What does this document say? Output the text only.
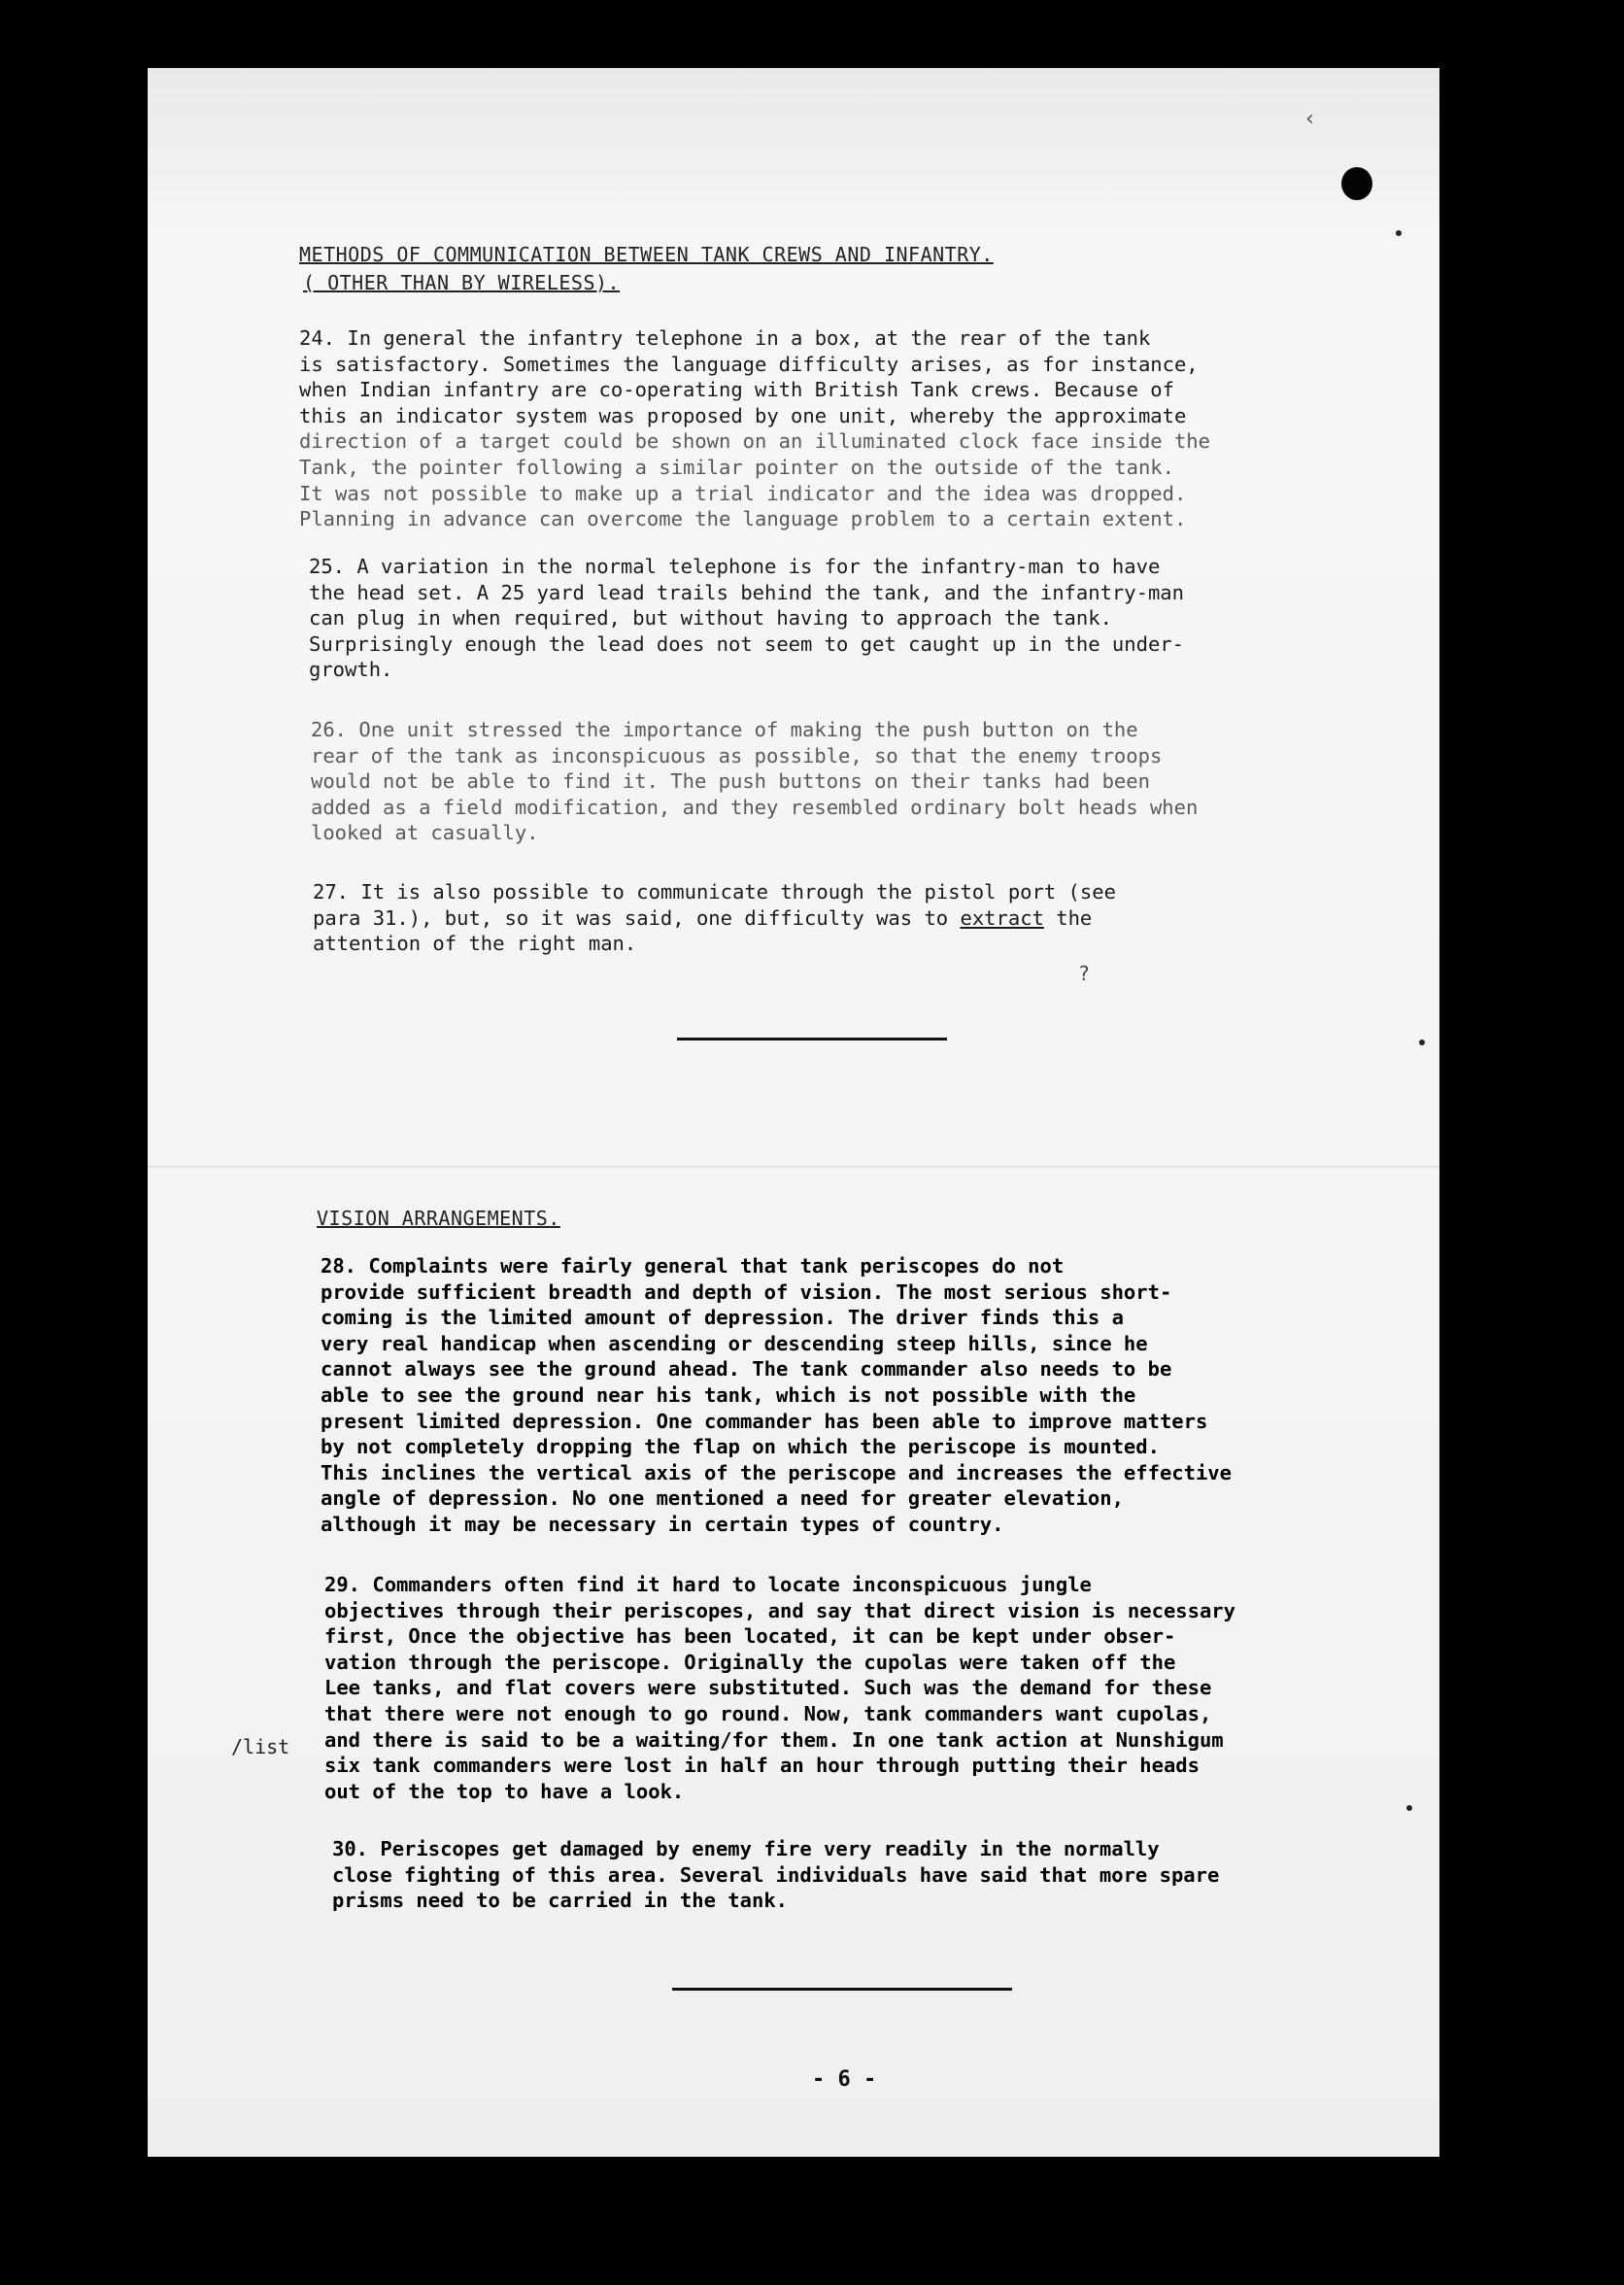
‹
METHODS OF COMMUNICATION BETWEEN TANK CREWS AND INFANTRY.
( OTHER THAN BY WIRELESS).
24. In general the infantry telephone in a box, at the rear of the tank
is satisfactory. Sometimes the language difficulty arises, as for instance,
when Indian infantry are co-operating with British Tank crews. Because of
this an indicator system was proposed by one unit, whereby the approximate
direction of a target could be shown on an illuminated clock face inside the
Tank, the pointer following a similar pointer on the outside of the tank.
It was not possible to make up a trial indicator and the idea was dropped.
Planning in advance can overcome the language problem to a certain extent.
25. A variation in the normal telephone is for the infantry-man to have
the head set. A 25 yard lead trails behind the tank, and the infantry-man
can plug in when required, but without having to approach the tank.
Surprisingly enough the lead does not seem to get caught up in the under-
growth.
26. One unit stressed the importance of making the push button on the
rear of the tank as inconspicuous as possible, so that the enemy troops
would not be able to find it. The push buttons on their tanks had been
added as a field modification, and they resembled ordinary bolt heads when
looked at casually.
27. It is also possible to communicate through the pistol port (see
para 31.), but, so it was said, one difficulty was to extract the
attention of the right man.
?
VISION ARRANGEMENTS.
28. Complaints were fairly general that tank periscopes do not
provide sufficient breadth and depth of vision. The most serious short-
coming is the limited amount of depression. The driver finds this a
very real handicap when ascending or descending steep hills, since he
cannot always see the ground ahead. The tank commander also needs to be
able to see the ground near his tank, which is not possible with the
present limited depression. One commander has been able to improve matters
by not completely dropping the flap on which the periscope is mounted.
This inclines the vertical axis of the periscope and increases the effective
angle of depression. No one mentioned a need for greater elevation,
although it may be necessary in certain types of country.
29. Commanders often find it hard to locate inconspicuous jungle
objectives through their periscopes, and say that direct vision is necessary
first, Once the objective has been located, it can be kept under obser-
vation through the periscope. Originally the cupolas were taken off the
Lee tanks, and flat covers were substituted. Such was the demand for these
that there were not enough to go round. Now, tank commanders want cupolas,
and there is said to be a waiting/for them. In one tank action at Nunshigum
six tank commanders were lost in half an hour through putting their heads
out of the top to have a look.
/list
30. Periscopes get damaged by enemy fire very readily in the normally
close fighting of this area. Several individuals have said that more spare
prisms need to be carried in the tank.
- 6 -
